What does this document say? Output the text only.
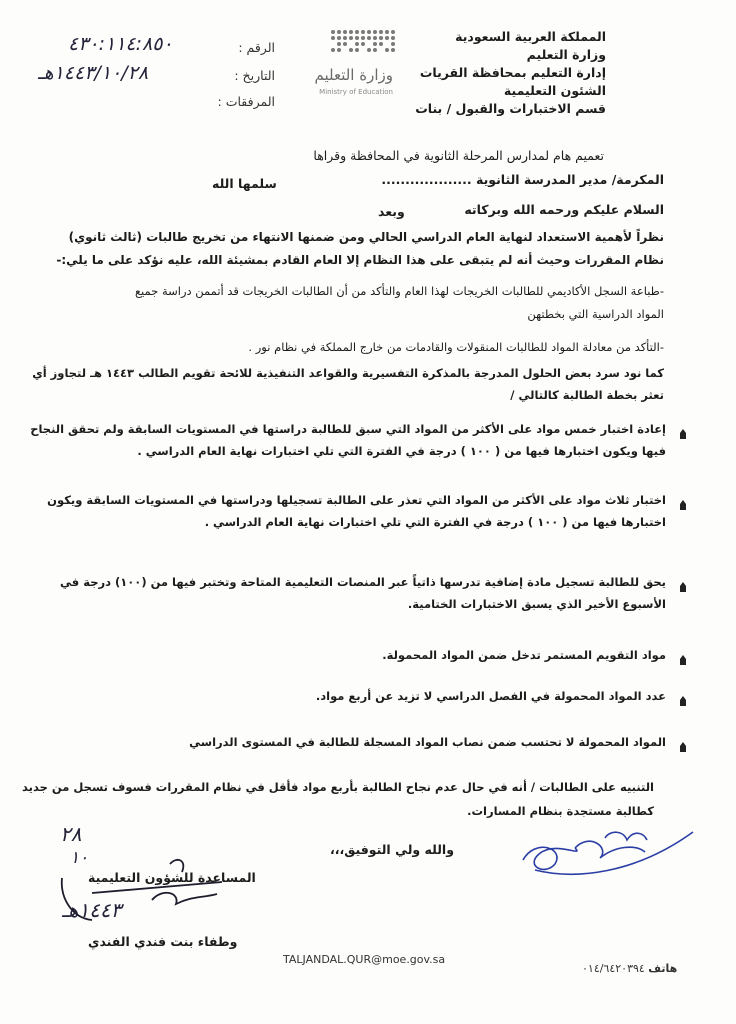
المملكة العربية السعودية
وزارة التعليم
إدارة التعليم بمحافظة القريات
الشئون التعليمية
قسم الاختبارات والقبول / بنات
وزارة التعليم
Ministry of Education
الرقم :
التاريخ :
المرفقات :
٤٣٠:١١٤:٨٥٠
١٤٤٣/١٠/٢٨هـ
تعميم هام لمدارس المرحلة الثانوية في المحافظة وقراها
المكرمة/ مدير المدرسة الثانوية ...................
سلمها الله
السلام عليكم ورحمه الله وبركاته
وبعد
نظراً لأهمية الاستعداد لنهاية العام الدراسي الحالي ومن ضمنها الانتهاء من تخريج طالبات (ثالث ثانوي)
نظام المقررات وحيث أنه لم يتبقى على هذا النظام إلا العام القادم بمشيئة الله، عليه نؤكد على ما يلي:-
-طباعة السجل الأكاديمي للطالبات الخريجات لهذا العام والتأكد من أن الطالبات الخريجات قد أتممن دراسة جميع
المواد الدراسية التي بخطتهن
-التأكد من معادلة المواد للطالبات المنقولات والقادمات من خارج المملكة في نظام نور .
كما نود سرد بعض الحلول المدرجة بالمذكرة التفسيرية والقواعد التنفيذية للائحة تقويم الطالب ١٤٤٣ هـ لتجاوز أي
تعثر بخطة الطالبة كالتالي /
إعادة اختبار خمس مواد على الأكثر من المواد التي سبق للطالبة دراستها في المستويات السابقة ولم تحقق النجاح
فيها ويكون اختبارها فيها من ( ١٠٠ ) درجة في الفترة التي تلي اختبارات نهاية العام الدراسي .
اختبار ثلاث مواد على الأكثر من المواد التي تعذر على الطالبة تسجيلها ودراستها في المستويات السابقة ويكون
اختبارها فيها من ( ١٠٠ ) درجة في الفترة التي تلي اختبارات نهاية العام الدراسي .
يحق للطالبة تسجيل مادة إضافية تدرسها ذاتياً عبر المنصات التعليمية المتاحة وتختبر فيها من (١٠٠) درجة في
الأسبوع الأخير الذي يسبق الاختبارات الختامية.
مواد التقويم المستمر تدخل ضمن المواد المحمولة.
عدد المواد المحمولة في الفصل الدراسي لا تزيد عن أربع مواد.
المواد المحمولة لا تحتسب ضمن نصاب المواد المسجلة للطالبة في المستوى الدراسي
التنبيه على الطالبات / أنه في حال عدم نجاح الطالبة بأربع مواد فأقل في نظام المقررات فسوف تسجل من جديد
كطالبة مستجدة بنظام المسارات.
والله ولي التوفيق،،،
٢٨
١٠
١٤٤٣هـ
المساعدة للشؤون التعليمية
وطفاء بنت فندي الفندي
TALJANDAL.QUR@moe.gov.sa
هاتف ٠١٤/٦٤٢٠٣٩٤
